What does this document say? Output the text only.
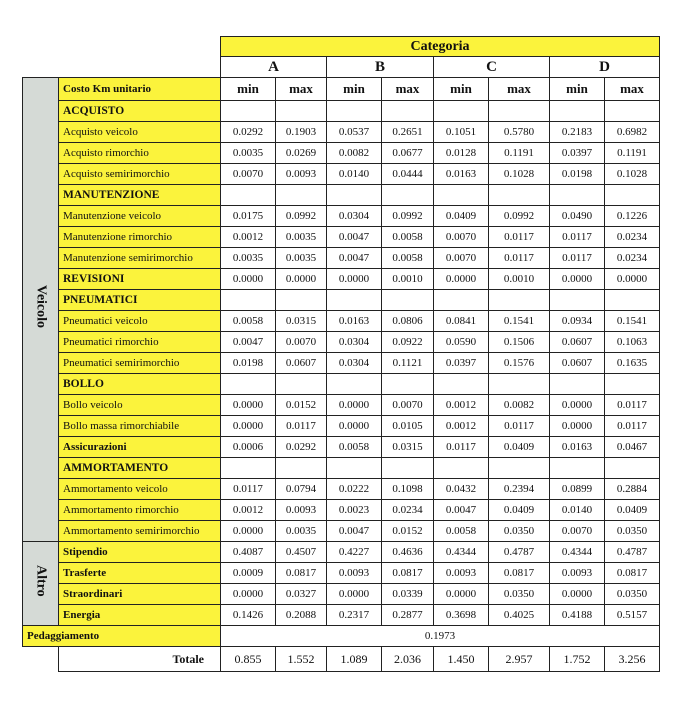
		Categoria							
		A		B		C		D	
Veicolo	Costo Km unitario	min	max	min	max	min	max	min	max
	ACQUISTO								
	Acquisto veicolo	0.0292	0.1903	0.0537	0.2651	0.1051	0.5780	0.2183	0.6982
	Acquisto rimorchio	0.0035	0.0269	0.0082	0.0677	0.0128	0.1191	0.0397	0.1191
	Acquisto semirimorchio	0.0070	0.0093	0.0140	0.0444	0.0163	0.1028	0.0198	0.1028
	MANUTENZIONE								
	Manutenzione veicolo	0.0175	0.0992	0.0304	0.0992	0.0409	0.0992	0.0490	0.1226
	Manutenzione rimorchio	0.0012	0.0035	0.0047	0.0058	0.0070	0.0117	0.0117	0.0234
	Manutenzione semirimorchio	0.0035	0.0035	0.0047	0.0058	0.0070	0.0117	0.0117	0.0234
	REVISIONI	0.0000	0.0000	0.0000	0.0010	0.0000	0.0010	0.0000	0.0000
	PNEUMATICI								
	Pneumatici veicolo	0.0058	0.0315	0.0163	0.0806	0.0841	0.1541	0.0934	0.1541
	Pneumatici rimorchio	0.0047	0.0070	0.0304	0.0922	0.0590	0.1506	0.0607	0.1063
	Pneumatici semirimorchio	0.0198	0.0607	0.0304	0.1121	0.0397	0.1576	0.0607	0.1635
	BOLLO								
	Bollo veicolo	0.0000	0.0152	0.0000	0.0070	0.0012	0.0082	0.0000	0.0117
	Bollo massa rimorchiabile	0.0000	0.0117	0.0000	0.0105	0.0012	0.0117	0.0000	0.0117
	Assicurazioni	0.0006	0.0292	0.0058	0.0315	0.0117	0.0409	0.0163	0.0467
	AMMORTAMENTO								
	Ammortamento veicolo	0.0117	0.0794	0.0222	0.1098	0.0432	0.2394	0.0899	0.2884
	Ammortamento rimorchio	0.0012	0.0093	0.0023	0.0234	0.0047	0.0409	0.0140	0.0409
	Ammortamento semirimorchio	0.0000	0.0035	0.0047	0.0152	0.0058	0.0350	0.0070	0.0350
Altro	Stipendio	0.4087	0.4507	0.4227	0.4636	0.4344	0.4787	0.4344	0.4787
	Trasferte	0.0009	0.0817	0.0093	0.0817	0.0093	0.0817	0.0093	0.0817
	Straordinari	0.0000	0.0327	0.0000	0.0339	0.0000	0.0350	0.0000	0.0350
	Energia	0.1426	0.2088	0.2317	0.2877	0.3698	0.4025	0.4188	0.5157
Pedaggiamento		0.1973							
	Totale	0.855	1.552	1.089	2.036	1.450	2.957	1.752	3.256
